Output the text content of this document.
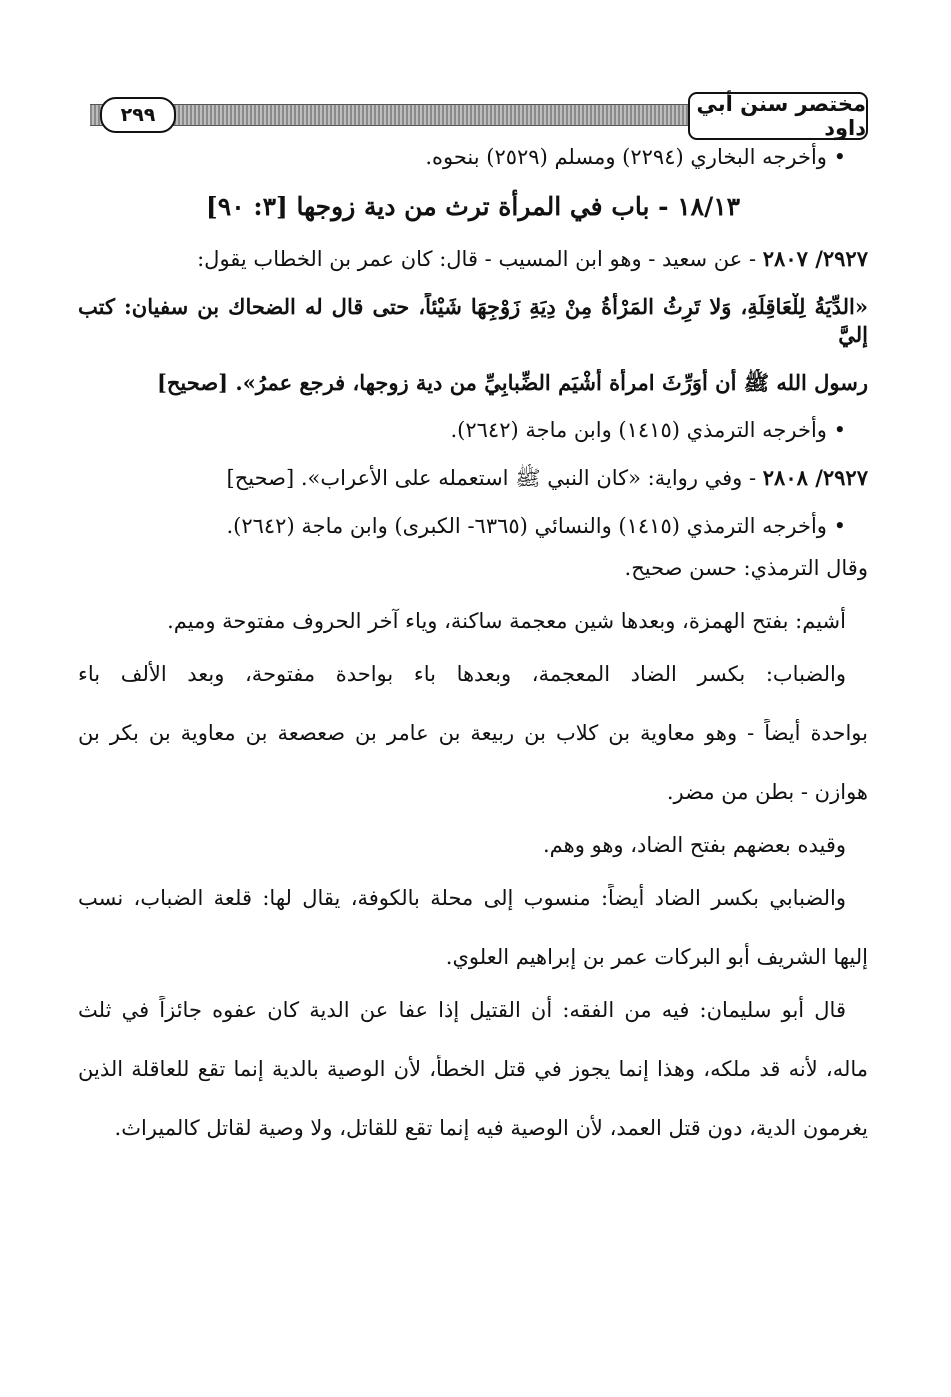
مختصر سنن أبي داود
٢٩٩

• وأخرجه البخاري (٢٢٩٤) ومسلم (٢٥٢٩) بنحوه.

١٨/١٣ - باب في المرأة ترث من دية زوجها [٣: ٩٠]

٢٩٢٧/ ٢٨٠٧ - عن سعيد - وهو ابن المسيب - قال: كان عمر بن الخطاب يقول:

«الدِّيَةُ لِلْعَاقِلَةِ، وَلا تَرِثُ المَرْأَةُ مِنْ دِيَةِ زَوْجِهَا شَيْئاً، حتى قال له الضحاك بن سفيان: كتب إليَّ

رسول الله ﷺ أن أُوَرِّثَ امرأة أَشْيَم الضِّبابِيِّ من دية زوجها، فرجع عمرُ». [صحيح]

• وأخرجه الترمذي (١٤١٥) وابن ماجة (٢٦٤٢).

٢٩٢٧/ ٢٨٠٨ - وفي رواية: «كان النبي ﷺ استعمله على الأعراب». [صحيح]

• وأخرجه الترمذي (١٤١٥) والنسائي (٦٣٦٥- الكبرى) وابن ماجة (٢٦٤٢).

وقال الترمذي: حسن صحيح.

أشيم: بفتح الهمزة، وبعدها شين معجمة ساكنة، وياء آخر الحروف مفتوحة وميم.

والضباب: بكسر الضاد المعجمة، وبعدها باء بواحدة مفتوحة، وبعد الألف باء

بواحدة أيضاً - وهو معاوية بن كلاب بن ربيعة بن عامر بن صعصعة بن معاوية بن بكر بن

هوازن - بطن من مضر.

وقيده بعضهم بفتح الضاد، وهو وهم.

والضبابي بكسر الضاد أيضاً: منسوب إلى محلة بالكوفة، يقال لها: قلعة الضباب، نسب

إليها الشريف أبو البركات عمر بن إبراهيم العلوي.

قال أبو سليمان: فيه من الفقه: أن القتيل إذا عفا عن الدية كان عفوه جائزاً في ثلث

ماله، لأنه قد ملكه، وهذا إنما يجوز في قتل الخطأ، لأن الوصية بالدية إنما تقع للعاقلة الذين

يغرمون الدية، دون قتل العمد، لأن الوصية فيه إنما تقع للقاتل، ولا وصية لقاتل كالميراث.
